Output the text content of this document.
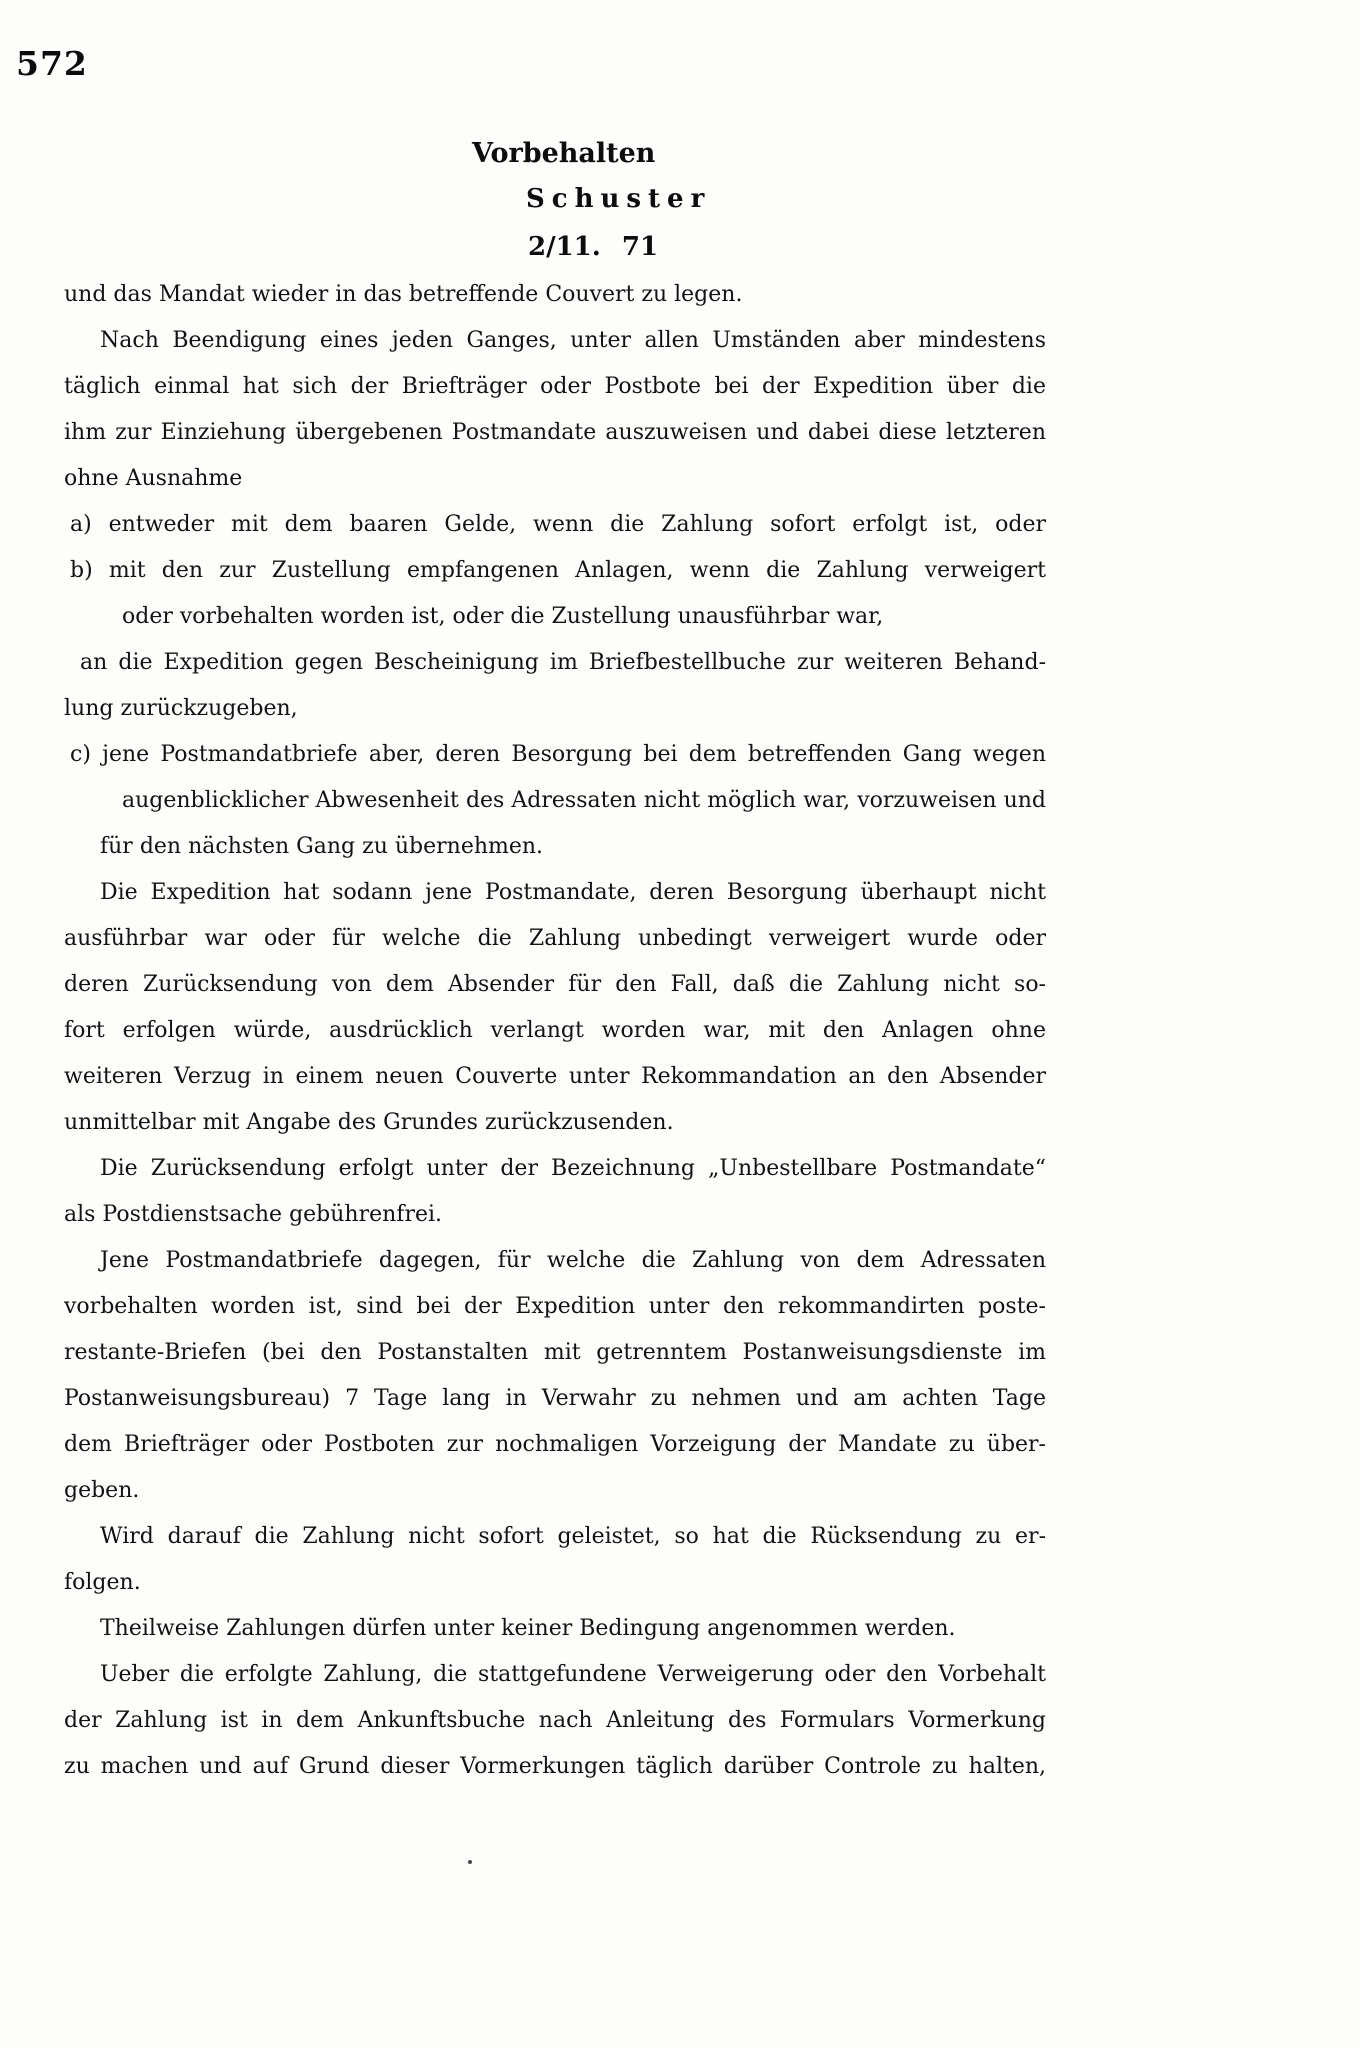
572
Vorbehalten
Schuster
2/11. 71
und das Mandat wieder in das betreffende Couvert zu legen.
Nach Beendigung eines jeden Ganges, unter allen Umständen aber mindestens
täglich einmal hat sich der Briefträger oder Postbote bei der Expedition über die
ihm zur Einziehung übergebenen Postmandate auszuweisen und dabei diese letzteren
ohne Ausnahme
a) entweder mit dem baaren Gelde, wenn die Zahlung sofort erfolgt ist, oder
b) mit den zur Zustellung empfangenen Anlagen, wenn die Zahlung verweigert
oder vorbehalten worden ist, oder die Zustellung unausführbar war,
an die Expedition gegen Bescheinigung im Briefbestellbuche zur weiteren Behand-
lung zurückzugeben,
c) jene Postmandatbriefe aber, deren Besorgung bei dem betreffenden Gang wegen
augenblicklicher Abwesenheit des Adressaten nicht möglich war, vorzuweisen und
für den nächsten Gang zu übernehmen.
Die Expedition hat sodann jene Postmandate, deren Besorgung überhaupt nicht
ausführbar war oder für welche die Zahlung unbedingt verweigert wurde oder
deren Zurücksendung von dem Absender für den Fall, daß die Zahlung nicht so-
fort erfolgen würde, ausdrücklich verlangt worden war, mit den Anlagen ohne
weiteren Verzug in einem neuen Couverte unter Rekommandation an den Absender
unmittelbar mit Angabe des Grundes zurückzusenden.
Die Zurücksendung erfolgt unter der Bezeichnung „Unbestellbare Postmandate“
als Postdienstsache gebührenfrei.
Jene Postmandatbriefe dagegen, für welche die Zahlung von dem Adressaten
vorbehalten worden ist, sind bei der Expedition unter den rekommandirten poste-
restante-Briefen (bei den Postanstalten mit getrenntem Postanweisungsdienste im
Postanweisungsbureau) 7 Tage lang in Verwahr zu nehmen und am achten Tage
dem Briefträger oder Postboten zur nochmaligen Vorzeigung der Mandate zu über-
geben.
Wird darauf die Zahlung nicht sofort geleistet, so hat die Rücksendung zu er-
folgen.
Theilweise Zahlungen dürfen unter keiner Bedingung angenommen werden.
Ueber die erfolgte Zahlung, die stattgefundene Verweigerung oder den Vorbehalt
der Zahlung ist in dem Ankunftsbuche nach Anleitung des Formulars Vormerkung
zu machen und auf Grund dieser Vormerkungen täglich darüber Controle zu halten,
